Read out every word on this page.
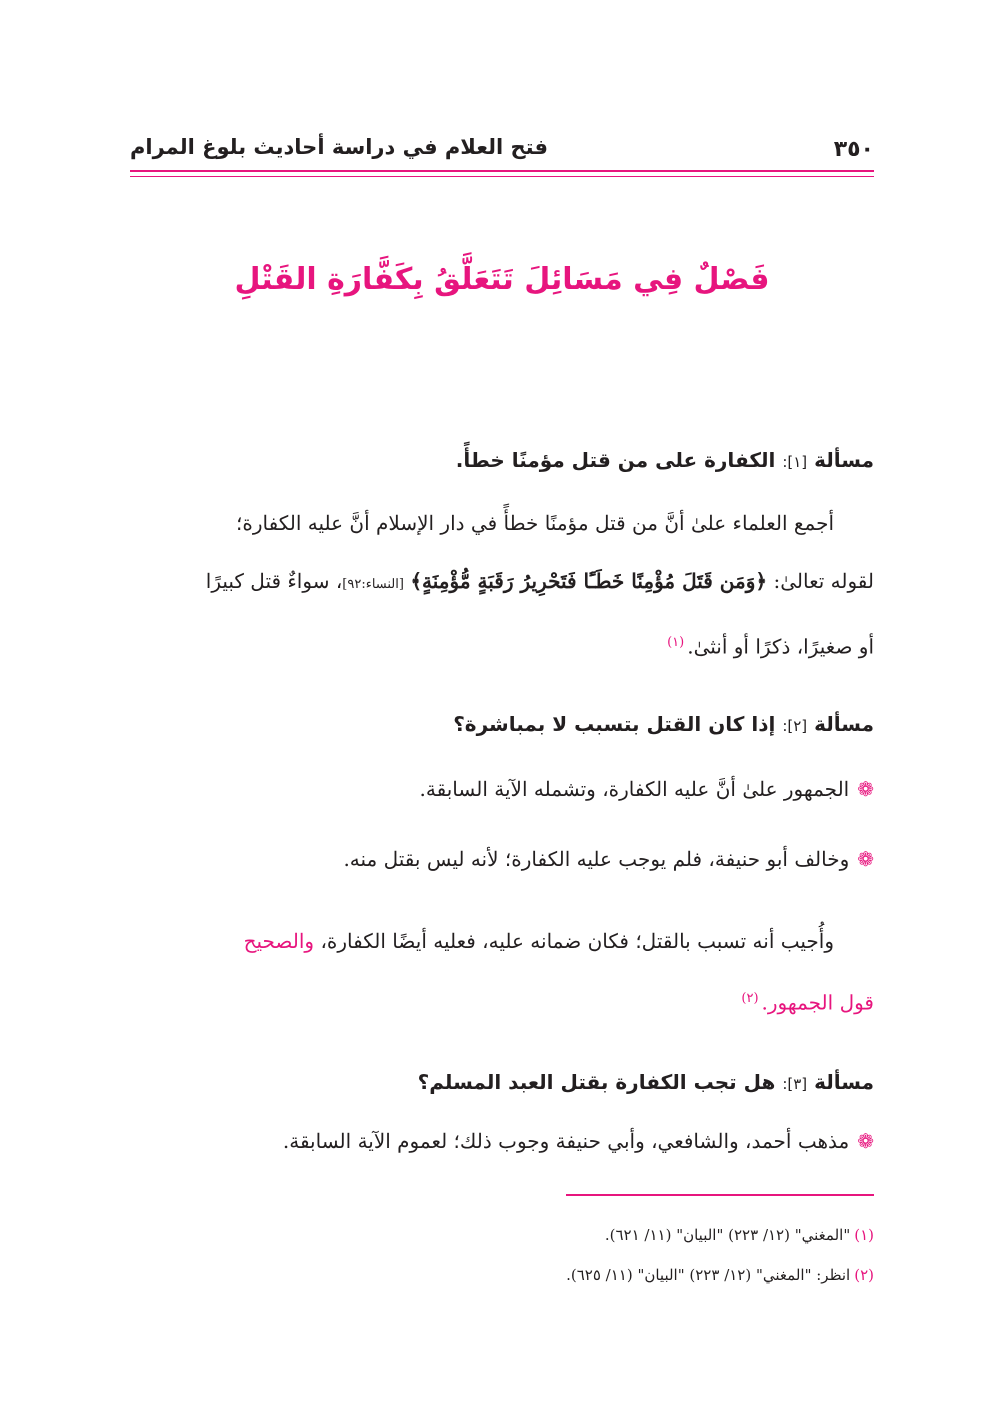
٣٥٠
فتح العلام في دراسة أحاديث بلوغ المرام
فَصْلٌ فِي مَسَائِلَ تَتَعَلَّقُ بِكَفَّارَةِ القَتْلِ
مسألة [١]: الكفارة على من قتل مؤمنًا خطأً.
أجمع العلماء علىٰ أنَّ من قتل مؤمنًا خطأً في دار الإسلام أنَّ عليه الكفارة؛
لقوله تعالىٰ: ﴿وَمَن قَتَلَ مُؤْمِنًا خَطَـًٔا فَتَحْرِيرُ رَقَبَةٍ مُّؤْمِنَةٍ﴾ [النساء:٩٢]، سواءٌ قتل كبيرًا
أو صغيرًا، ذكرًا أو أنثىٰ.$^{(١)}$
مسألة [٢]: إذا كان القتل بتسبب لا بمباشرة؟
❁الجمهور علىٰ أنَّ عليه الكفارة، وتشمله الآية السابقة.
❁وخالف أبو حنيفة، فلم يوجب عليه الكفارة؛ لأنه ليس بقتل منه.
وأُجيب أنه تسبب بالقتل؛ فكان ضمانه عليه، فعليه أيضًا الكفارة، والصحيح
قول الجمهور.$^{(٢)}$
مسألة [٣]: هل تجب الكفارة بقتل العبد المسلم؟
❁مذهب أحمد، والشافعي، وأبي حنيفة وجوب ذلك؛ لعموم الآية السابقة.
(١)"المغني" (١٢/ ٢٢٣) "البيان" (١١/ ٦٢١).
(٢)انظر: "المغني" (١٢/ ٢٢٣) "البيان" (١١/ ٦٢٥).
